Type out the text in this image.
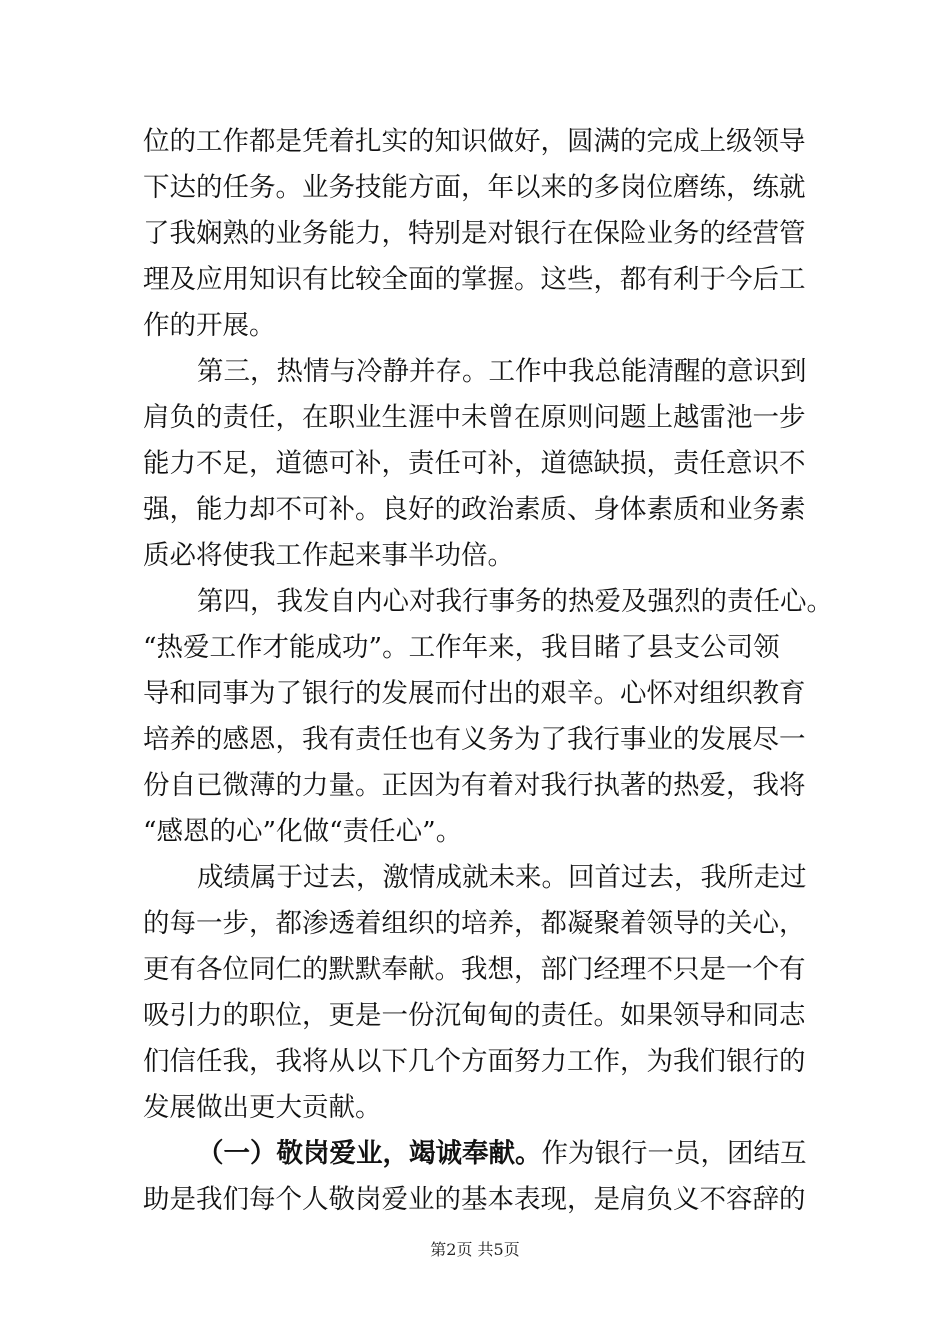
位的工作都是凭着扎实的知识做好，圆满的完成上级领导
下达的任务。业务技能方面，年以来的多岗位磨练，练就
了我娴熟的业务能力，特别是对银行在保险业务的经营管
理及应用知识有比较全面的掌握。这些，都有利于今后工
作的开展。
第三，热情与冷静并存。工作中我总能清醒的意识到
肩负的责任，在职业生涯中未曾在原则问题上越雷池一步
能力不足，道德可补，责任可补，道德缺损，责任意识不
强，能力却不可补。良好的政治素质、身体素质和业务素
质必将使我工作起来事半功倍。
第四，我发自内心对我行事务的热爱及强烈的责任心。
“热爱工作才能成功”。工作年来，我目睹了县支公司领
导和同事为了银行的发展而付出的艰辛。心怀对组织教育
培养的感恩，我有责任也有义务为了我行事业的发展尽一
份自已微薄的力量。正因为有着对我行执著的热爱，我将
“感恩的心”化做“责任心”。
成绩属于过去，激情成就未来。回首过去，我所走过
的每一步，都渗透着组织的培养，都凝聚着领导的关心，
更有各位同仁的默默奉献。我想，部门经理不只是一个有
吸引力的职位，更是一份沉甸甸的责任。如果领导和同志
们信任我，我将从以下几个方面努力工作，为我们银行的
发展做出更大贡献。
（一）敬岗爱业，竭诚奉献。作为银行一员，团结互
助是我们每个人敬岗爱业的基本表现，是肩负义不容辞的
第2页 共5页
